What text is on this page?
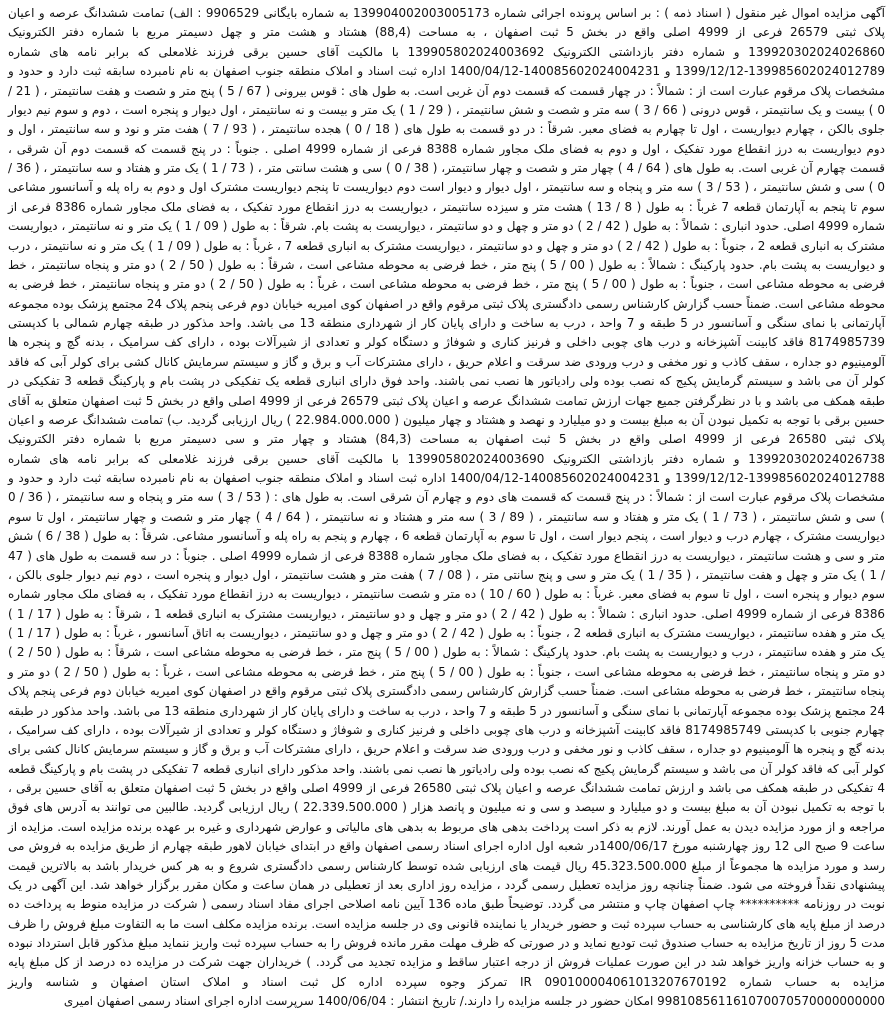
آگهی مزایده اموال غیر منقول ( اسناد ذمه ) : بر اساس پرونده اجرائی شماره 139904002003005173 به شماره بایگانی 9906529 : الف) تمامت ششدانگ عرصه و اعیان پلاک ثبتی 26579 فرعی از 4999 اصلی واقع در بخش 5 ثبت اصفهان ، به مساحت (88,4) هشتاد و هشت متر و چهل دسیمتر مربع با شماره دفتر الکترونیک 139920302024026860 و شماره دفتر بازداشتی الکترونیک 139905802024003692 با مالکیت آقای حسین برقی فرزند غلامعلی که برابر نامه های شماره 139985602024012789-1399/12/12 و 140085602024004231-1400/04/12 اداره ثبت اسناد و املاک منطقه جنوب اصفهان به نام نامبرده سابقه ثبت دارد و حدود و مشخصات پلاک مرقوم عبارت است از : شمالاً : در چهار قسمت که قسمت دوم آن غربی است. به طول های : قوس بیرونی ( 67 / 5 ) پنج متر و شصت و هفت سانتیمتر ، ( 21 / 0 ) بیست و یک سانتیمتر ، قوس درونی ( 66 / 3 ) سه متر و شصت و شش سانتیمتر ، ( 29 / 1 ) یک متر و بیست و نه سانتیمتر ، اول دیوار و پنجره است ، دوم و سوم نیم دیوار جلوی بالکن ، چهارم دیواریست ، اول تا چهارم به فضای معبر. شرقاً : در دو قسمت به طول های ( 18 / 0 ) هجده سانتیمتر ، ( 93 / 7 ) هفت متر و نود و سه سانتیمتر ، اول و دوم دیواریست به درز انقطاع مورد تفکیک ، اول و دوم به فضای ملک مجاور شماره 8388 فرعی از شماره 4999 اصلی . جنوباً : در پنج قسمت که قسمت دوم آن شرقی ، قسمت چهارم آن غربی است. به طول های ( 64 / 4 ) چهار متر و شصت و چهار سانتیمتر، ( 38 / 0 ) سی و هشت سانتی متر ، ( 73 / 1 ) یک متر و هفتاد و سه سانتیمتر ، ( 36 / 0 ) سی و شش سانتیمتر ، ( 53 / 3 ) سه متر و پنجاه و سه سانتیمتر ، اول دیوار و دیوار است دوم دیواریست تا پنجم دیواریست مشترک اول و دوم به راه پله و آسانسور مشاعی سوم تا پنجم به آپارتمان قطعه 7 غرباً : به طول ( 8 / 13 ) هشت متر و سیزده سانتیمتر ، دیواریست به درز انقطاع مورد تفکیک ، به فضای ملک مجاور شماره 8386 فرعی از شماره 4999 اصلی. حدود انباری : شمالاً : به طول ( 42 / 2 ) دو متر و چهل و دو سانتیمتر ، دیواریست به پشت بام. شرقاً : به طول ( 09 / 1 ) یک متر و نه سانتیمتر ، دیواریست مشترک به انباری قطعه 2 ، جنوباً : به طول ( 42 / 2 ) دو متر و چهل و دو سانتیمتر ، دیواریست مشترک به انباری قطعه 7 ، غرباً : به طول ( 09 / 1 ) یک متر و نه سانتیمتر ، درب و دیواریست به پشت بام. حدود پارکینگ : شمالاً : به طول ( 00 / 5 ) پنج متر ، خط فرضی به محوطه مشاعی است ، شرقاً : به طول ( 50 / 2 ) دو متر و پنجاه سانتیمتر ، خط فرضی به محوطه مشاعی است ، جنوباً : به طول ( 00 / 5 ) پنج متر ، خط فرضی به محوطه مشاعی است ، غرباً : به طول ( 50 / 2 ) دو متر و پنجاه سانتیمتر ، خط فرضی به محوطه مشاعی است. ضمناً حسب گزارش کارشناس رسمی دادگستری پلاک ثبتی مرقوم واقع در اصفهان کوی امیریه خیابان دوم فرعی پنجم پلاک 24 مجتمع پزشک بوده مجموعه آپارتمانی با نمای سنگی و آسانسور در 5 طبقه و 7 واحد ، درب به ساخت و دارای پایان کار از شهرداری منطقه 13 می باشد. واحد مذکور در طبقه چهارم شمالی با کدپستی 8174985739 فاقد کابینت آشپزخانه و درب های چوبی داخلی و فرنیز کناری و شوفاژ و دستگاه کولر و تعدادی از شیرآلات بوده ، دارای کف سرامیک ، بدنه گچ و پنجره ها آلومینیوم دو جداره ، سقف کاذب و نور مخفی و درب ورودی ضد سرقت و اعلام حریق ، دارای مشترکات آب و برق و گاز و سیستم سرمایش کانال کشی برای کولر آبی که فاقد کولر آن می باشد و سیستم گرمایش پکیج که نصب بوده ولی رادیاتور ها نصب نمی باشند. واحد فوق دارای انباری قطعه یک تفکیکی در پشت بام و پارکینگ قطعه 3 تفکیکی در طبقه همکف می باشد و با در نظرگرفتن جمیع جهات ارزش تمامت ششدانگ عرصه و اعیان پلاک ثبتی 26579 فرعی از 4999 اصلی واقع در بخش 5 ثبت اصفهان متعلق به آقای حسین برقی با توجه به تکمیل نبودن آن به مبلغ بیست و دو میلیارد و نهصد و هشتاد و چهار میلیون ( 22.984.000.000 ) ریال ارزیابی گردید. ب) تمامت ششدانگ عرصه و اعیان پلاک ثبتی 26580 فرعی از 4999 اصلی واقع در بخش 5 ثبت اصفهان به مساحت (84,3) هشتاد و چهار متر و سی دسیمتر مربع با شماره دفتر الکترونیک 139920302024026738 و شماره دفتر بازداشتی الکترونیک 139905802024003690 با مالکیت آقای حسین برقی فرزند غلامعلی که برابر نامه های شماره 139985602024012788-1399/12/12 و 140085602024004231-1400/04/12 اداره ثبت اسناد و املاک منطقه جنوب اصفهان به نام نامبرده سابقه ثبت دارد و حدود و مشخصات پلاک مرقوم عبارت است از : شمالاً : در پنج قسمت که قسمت های دوم و چهارم آن شرقی است. به طول های : ( 53 / 3 ) سه متر و پنجاه و سه سانتیمتر ، ( 36 / 0 ) سی و شش سانتیمتر ، ( 73 / 1 ) یک متر و هفتاد و سه سانتیمتر ، ( 89 / 3 ) سه متر و هشتاد و نه سانتیمتر ، ( 64 / 4 ) چهار متر و شصت و چهار سانتیمتر ، اول تا سوم دیواریست مشترک ، چهارم درب و دیوار است ، پنجم دیوار است ، اول تا سوم به آپارتمان قطعه 6 ، چهارم و پنجم به راه پله و آسانسور مشاعی. شرقاً : به طول ( 38 / 6 ) شش متر و سی و هشت سانتیمتر ، دیواریست به درز انقطاع مورد تفکیک ، به فضای ملک مجاور شماره 8388 فرعی از شماره 4999 اصلی . جنوباً : در سه قسمت به طول های ( 47 / 1 ) یک متر و چهل و هفت سانتیمتر ، ( 35 / 1 ) یک متر و سی و پنج سانتی متر ، ( 08 / 7 ) هفت متر و هشت سانتیمتر ، اول دیوار و پنجره است ، دوم نیم دیوار جلوی بالکن ، سوم دیوار و پنجره است ، اول تا سوم به فضای معبر. غرباً : به طول ( 60 / 10 ) ده متر و شصت سانتیمتر ، دیواریست به درز انقطاع مورد تفکیک ، به فضای ملک مجاور شماره 8386 فرعی از شماره 4999 اصلی. حدود انباری : شمالاً : به طول ( 42 / 2 ) دو متر و چهل و دو سانتیمتر ، دیواریست مشترک به انباری قطعه 1 ، شرقاً : به طول ( 17 / 1 ) یک متر و هفده سانتیمتر ، دیواریست مشترک به انباری قطعه 2 ، جنوباً : به طول ( 42 / 2 ) دو متر و چهل و دو سانتیمتر ، دیواریست به اتاق آسانسور ، غرباً : به طول ( 17 / 1 ) یک متر و هفده سانتیمتر ، درب و دیواریست به پشت بام. حدود پارکینگ : شمالاً : به طول ( 00 / 5 ) پنج متر ، خط فرضی به محوطه مشاعی است ، شرقاً : به طول ( 50 / 2 ) دو متر و پنجاه سانتیمتر ، خط فرضی به محوطه مشاعی است ، جنوباً : به طول ( 00 / 5 ) پنج متر ، خط فرضی به محوطه مشاعی است ، غرباً : به طول ( 50 / 2 ) دو متر و پنجاه سانتیمتر ، خط فرضی به محوطه مشاعی است. ضمناً حسب گزارش کارشناس رسمی دادگستری پلاک ثبتی مرقوم واقع در اصفهان کوی امیریه خیابان دوم فرعی پنجم پلاک 24 مجتمع پزشک بوده مجموعه آپارتمانی با نمای سنگی و آسانسور در 5 طبقه و 7 واحد ، درب به ساخت و دارای پایان کار از شهرداری منطقه 13 می باشد. واحد مذکور در طبقه چهارم جنوبی با کدپستی 8174985749 فاقد کابینت آشپزخانه و درب های چوبی داخلی و فرنیز کناری و شوفاژ و دستگاه کولر و تعدادی از شیرآلات بوده ، دارای کف سرامیک ، بدنه گچ و پنجره ها آلومینیوم دو جداره ، سقف کاذب و نور مخفی و درب ورودی ضد سرقت و اعلام حریق ، دارای مشترکات آب و برق و گاز و سیستم سرمایش کانال کشی برای کولر آبی که فاقد کولر آن می باشد و سیستم گرمایش پکیج که نصب بوده ولی رادیاتور ها نصب نمی باشند. واحد مذکور دارای انباری قطعه 7 تفکیکی در پشت بام و پارکینگ قطعه 4 تفکیکی در طبقه همکف می باشد و ارزش تمامت ششدانگ عرصه و اعیان پلاک ثبتی 26580 فرعی از 4999 اصلی واقع در بخش 5 ثبت اصفهان متعلق به آقای حسین برقی ، با توجه به تکمیل نبودن آن به مبلغ بیست و دو میلیارد و سیصد و سی و نه میلیون و پانصد هزار ( 22.339.500.000 ) ریال ارزیابی گردید. طالبین می توانند به آدرس های فوق مراجعه و از مورد مزایده دیدن به عمل آورند. لازم به ذکر است پرداخت بدهی های مربوط به بدهی های مالیاتی و عوارض شهرداری و غیره بر عهده برنده مزایده است. مزایده از ساعت 9 صبح الی 12 روز چهارشنبه مورخ 1400/06/17در شعبه اول اداره اجرای اسناد رسمی اصفهان واقع در ابتدای خیابان لاهور طبقه چهارم از طریق مزایده به فروش می رسد و مورد مزایده ها مجموعاً از مبلغ 45.323.500.000 ریال قیمت های ارزیابی شده توسط کارشناس رسمی دادگستری شروع و به هر کس خریدار باشد به بالاترین قیمت پیشنهادی نقداً فروخته می شود. ضمناً چنانچه روز مزایده تعطیل رسمی گردد ، مزایده روز اداری بعد از تعطیلی در همان ساعت و مکان مقرر برگزار خواهد شد. این آگهی در یک نوبت در روزنامه ********** چاپ اصفهان چاپ و منتشر می گردد. توضیحاً طبق ماده 136 آیین نامه اصلاحی اجرای مفاد اسناد رسمی ( شرکت در مزایده منوط به پرداخت ده درصد از مبلغ پایه های کارشناسی به حساب سپرده ثبت و حضور خریدار یا نماینده قانونی وی در جلسه مزایده است. برنده مزایده مکلف است ما به التفاوت مبلغ فروش را ظرف مدت 5 روز از تاریخ مزایده به حساب صندوق ثبت تودیع نماید و در صورتی که ظرف مهلت مقرر مانده فروش را به حساب سپرده ثبت واریز ننماید مبلغ مذکور قابل استرداد نبوده و به حساب خزانه واریز خواهد شد در این صورت عملیات فروش از درجه اعتبار ساقط و مزایده تجدید می گردد. ) خریداران جهت شرکت در مزایده ده درصد از کل مبلغ پایه مزایده به حساب شماره IR 090100004061013207670192 تمرکز وجوه سپرده اداره کل ثبت اسناد و املاک استان اصفهان و شناسه واریز 998108561161070070570000000000 امکان حضور در جلسه مزایده را دارند./ تاریخ انتشار : 1400/06/04 سرپرست اداره اجرای اسناد رسمی اصفهان امیری
